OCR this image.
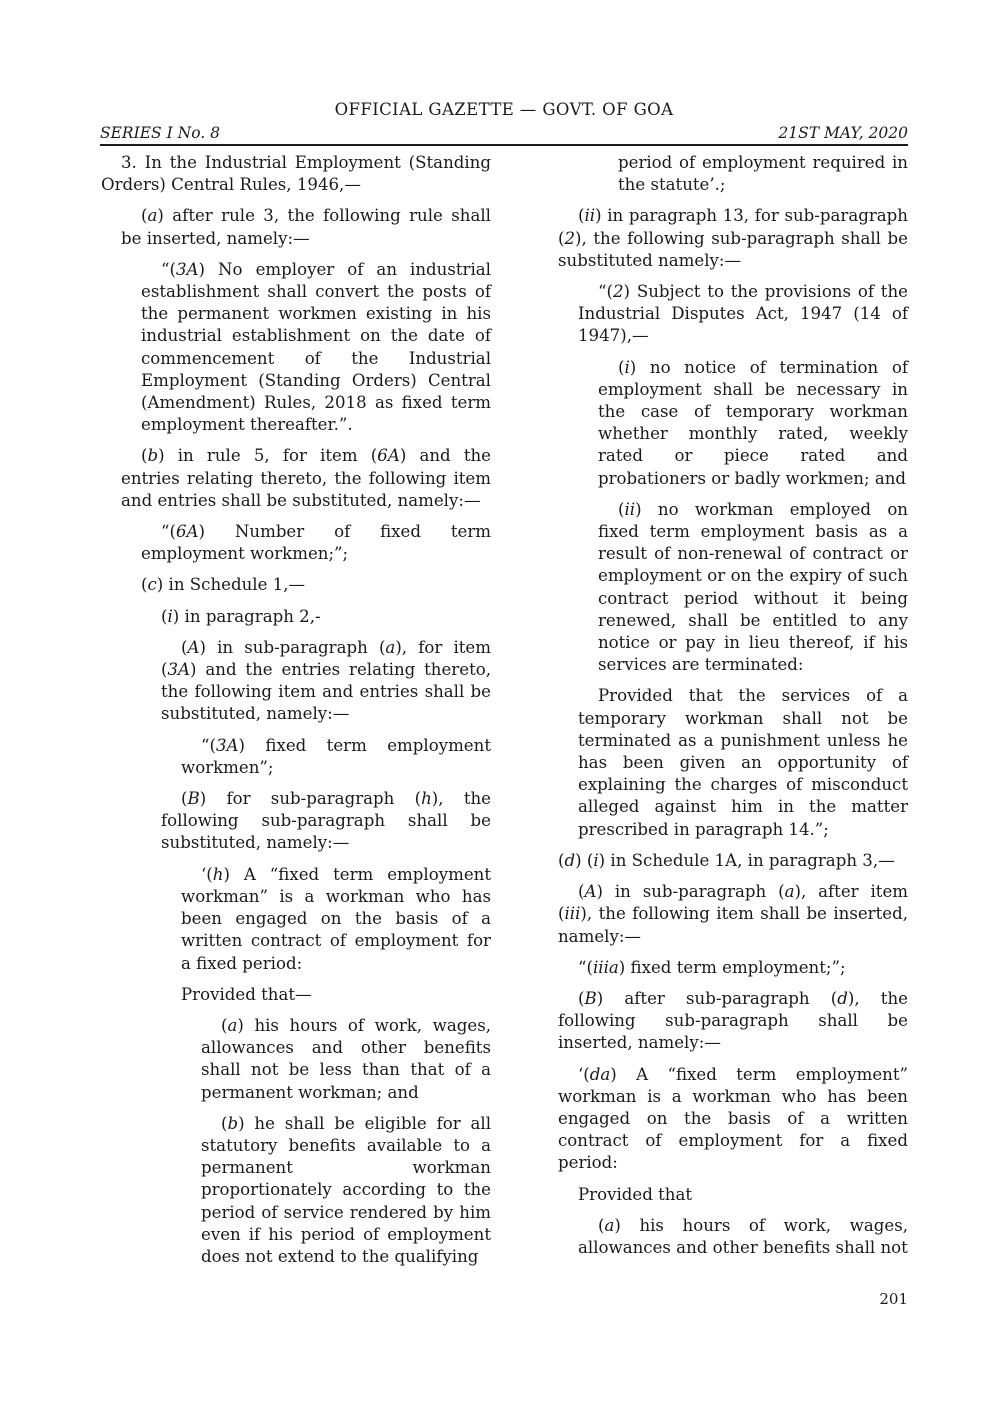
OFFICIAL GAZETTE — GOVT. OF GOA
SERIES I No. 8	21ST MAY, 2020

3. In the Industrial Employment (Standing Orders) Central Rules, 1946,—

(a) after rule 3, the following rule shall be inserted, namely:—

“(3A) No employer of an industrial establishment shall convert the posts of the permanent workmen existing in his industrial establishment on the date of commencement of the Industrial Employment (Standing Orders) Central (Amendment) Rules, 2018 as fixed term employment thereafter.”.

(b) in rule 5, for item (6A) and the entries relating thereto, the following item and entries shall be substituted, namely:—

“(6A) Number of fixed term employment workmen;”;

(c) in Schedule 1,—

(i) in paragraph 2,-

(A) in sub-paragraph (a), for item (3A) and the entries relating thereto, the following item and entries shall be substituted, namely:—

“(3A) fixed term employment workmen”;

(B) for sub-paragraph (h), the following sub-paragraph shall be substituted, namely:—

‘(h) A “fixed term employment workman” is a workman who has been engaged on the basis of a written contract of employment for a fixed period:

Provided that—

(a) his hours of work, wages, allowances and other benefits shall not be less than that of a permanent workman; and

(b) he shall be eligible for all statutory benefits available to a permanent workman proportionately according to the period of service rendered by him even if his period of employment does not extend to the qualifying

period of employment required in the statute’.;

(ii) in paragraph 13, for sub-paragraph (2), the following sub-paragraph shall be substituted namely:—

“(2) Subject to the provisions of the Industrial Disputes Act, 1947 (14 of 1947),—

(i) no notice of termination of employment shall be necessary in the case of temporary workman whether monthly rated, weekly rated or piece rated and probationers or badly workmen; and

(ii) no workman employed on fixed term employment basis as a result of non-renewal of contract or employment or on the expiry of such contract period without it being renewed, shall be entitled to any notice or pay in lieu thereof, if his services are terminated:

Provided that the services of a temporary workman shall not be terminated as a punishment unless he has been given an opportunity of explaining the charges of misconduct alleged against him in the matter prescribed in paragraph 14.”;

(d) (i) in Schedule 1A, in paragraph 3,—

(A) in sub-paragraph (a), after item (iii), the following item shall be inserted, namely:—

“(iiia) fixed term employment;”;

(B) after sub-paragraph (d), the following sub-paragraph shall be inserted, namely:—

‘(da) A “fixed term employment” workman is a workman who has been engaged on the basis of a written contract of employment for a fixed period:

Provided that

(a) his hours of work, wages, allowances and other benefits shall not

201
